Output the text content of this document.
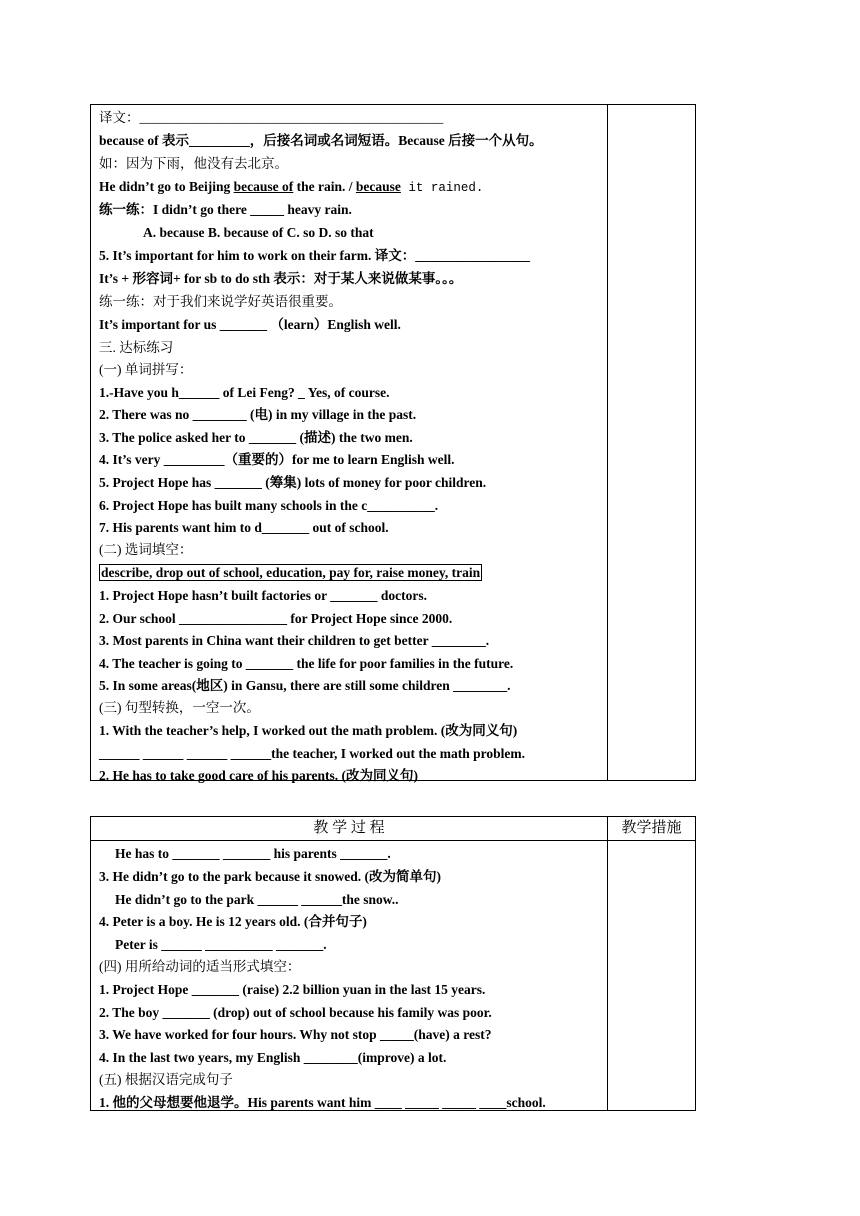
译文：_____________________________________________
because of 表示_________，后接名词或名词短语。Because 后接一个从句。
如：因为下雨，他没有去北京。
He didn’t go to Beijing because of the rain. / because it rained.
练一练：I didn’t go there _____ heavy rain.
A. because B. because of C. so D. so that
5. It’s important for him to work on their farm. 译文：_________________
It’s + 形容词+ for sb to do sth 表示：对于某人来说做某事。。。
练一练：对于我们来说学好英语很重要。
It’s important for us _______ （learn）English well.
三. 达标练习
(一) 单词拼写：
1.-Have you h______ of Lei Feng? _ Yes, of course.
2. There was no ________ (电) in my village in the past.
3. The police asked her to _______ (描述) the two men.
4. It’s very _________（重要的）for me to learn English well.
5. Project Hope has _______ (筹集) lots of money for poor children.
6. Project Hope has built many schools in the c__________.
7. His parents want him to d_______ out of school.
(二) 选词填空：
describe, drop out of school, education, pay for, raise money, train
1. Project Hope hasn’t built factories or _______ doctors.
2. Our school ________________ for Project Hope since 2000.
3. Most parents in China want their children to get better ________.
4. The teacher is going to _______ the life for poor families in the future.
5. In some areas(地区) in Gansu, there are still some children ________.
(三) 句型转换，一空一次。
1. With the teacher’s help, I worked out the math problem. (改为同义句)
______ ______ ______ ______the teacher, I worked out the math problem.
2. He has to take good care of his parents. (改为同义句)
教 学 过 程	教学措施
He has to _______ _______ his parents _______.
3. He didn’t go to the park because it snowed. (改为简单句)
He didn’t go to the park ______ ______the snow..
4. Peter is a boy. He is 12 years old. (合并句子)
Peter is ______ __________ _______.
(四) 用所给动词的适当形式填空：
1. Project Hope _______ (raise) 2.2 billion yuan in the last 15 years.
2. The boy _______ (drop) out of school because his family was poor.
3. We have worked for four hours. Why not stop _____(have) a rest?
4. In the last two years, my English ________(improve) a lot.
(五) 根据汉语完成句子
1. 他的父母想要他退学。His parents want him ____ _____ _____ ____school.
